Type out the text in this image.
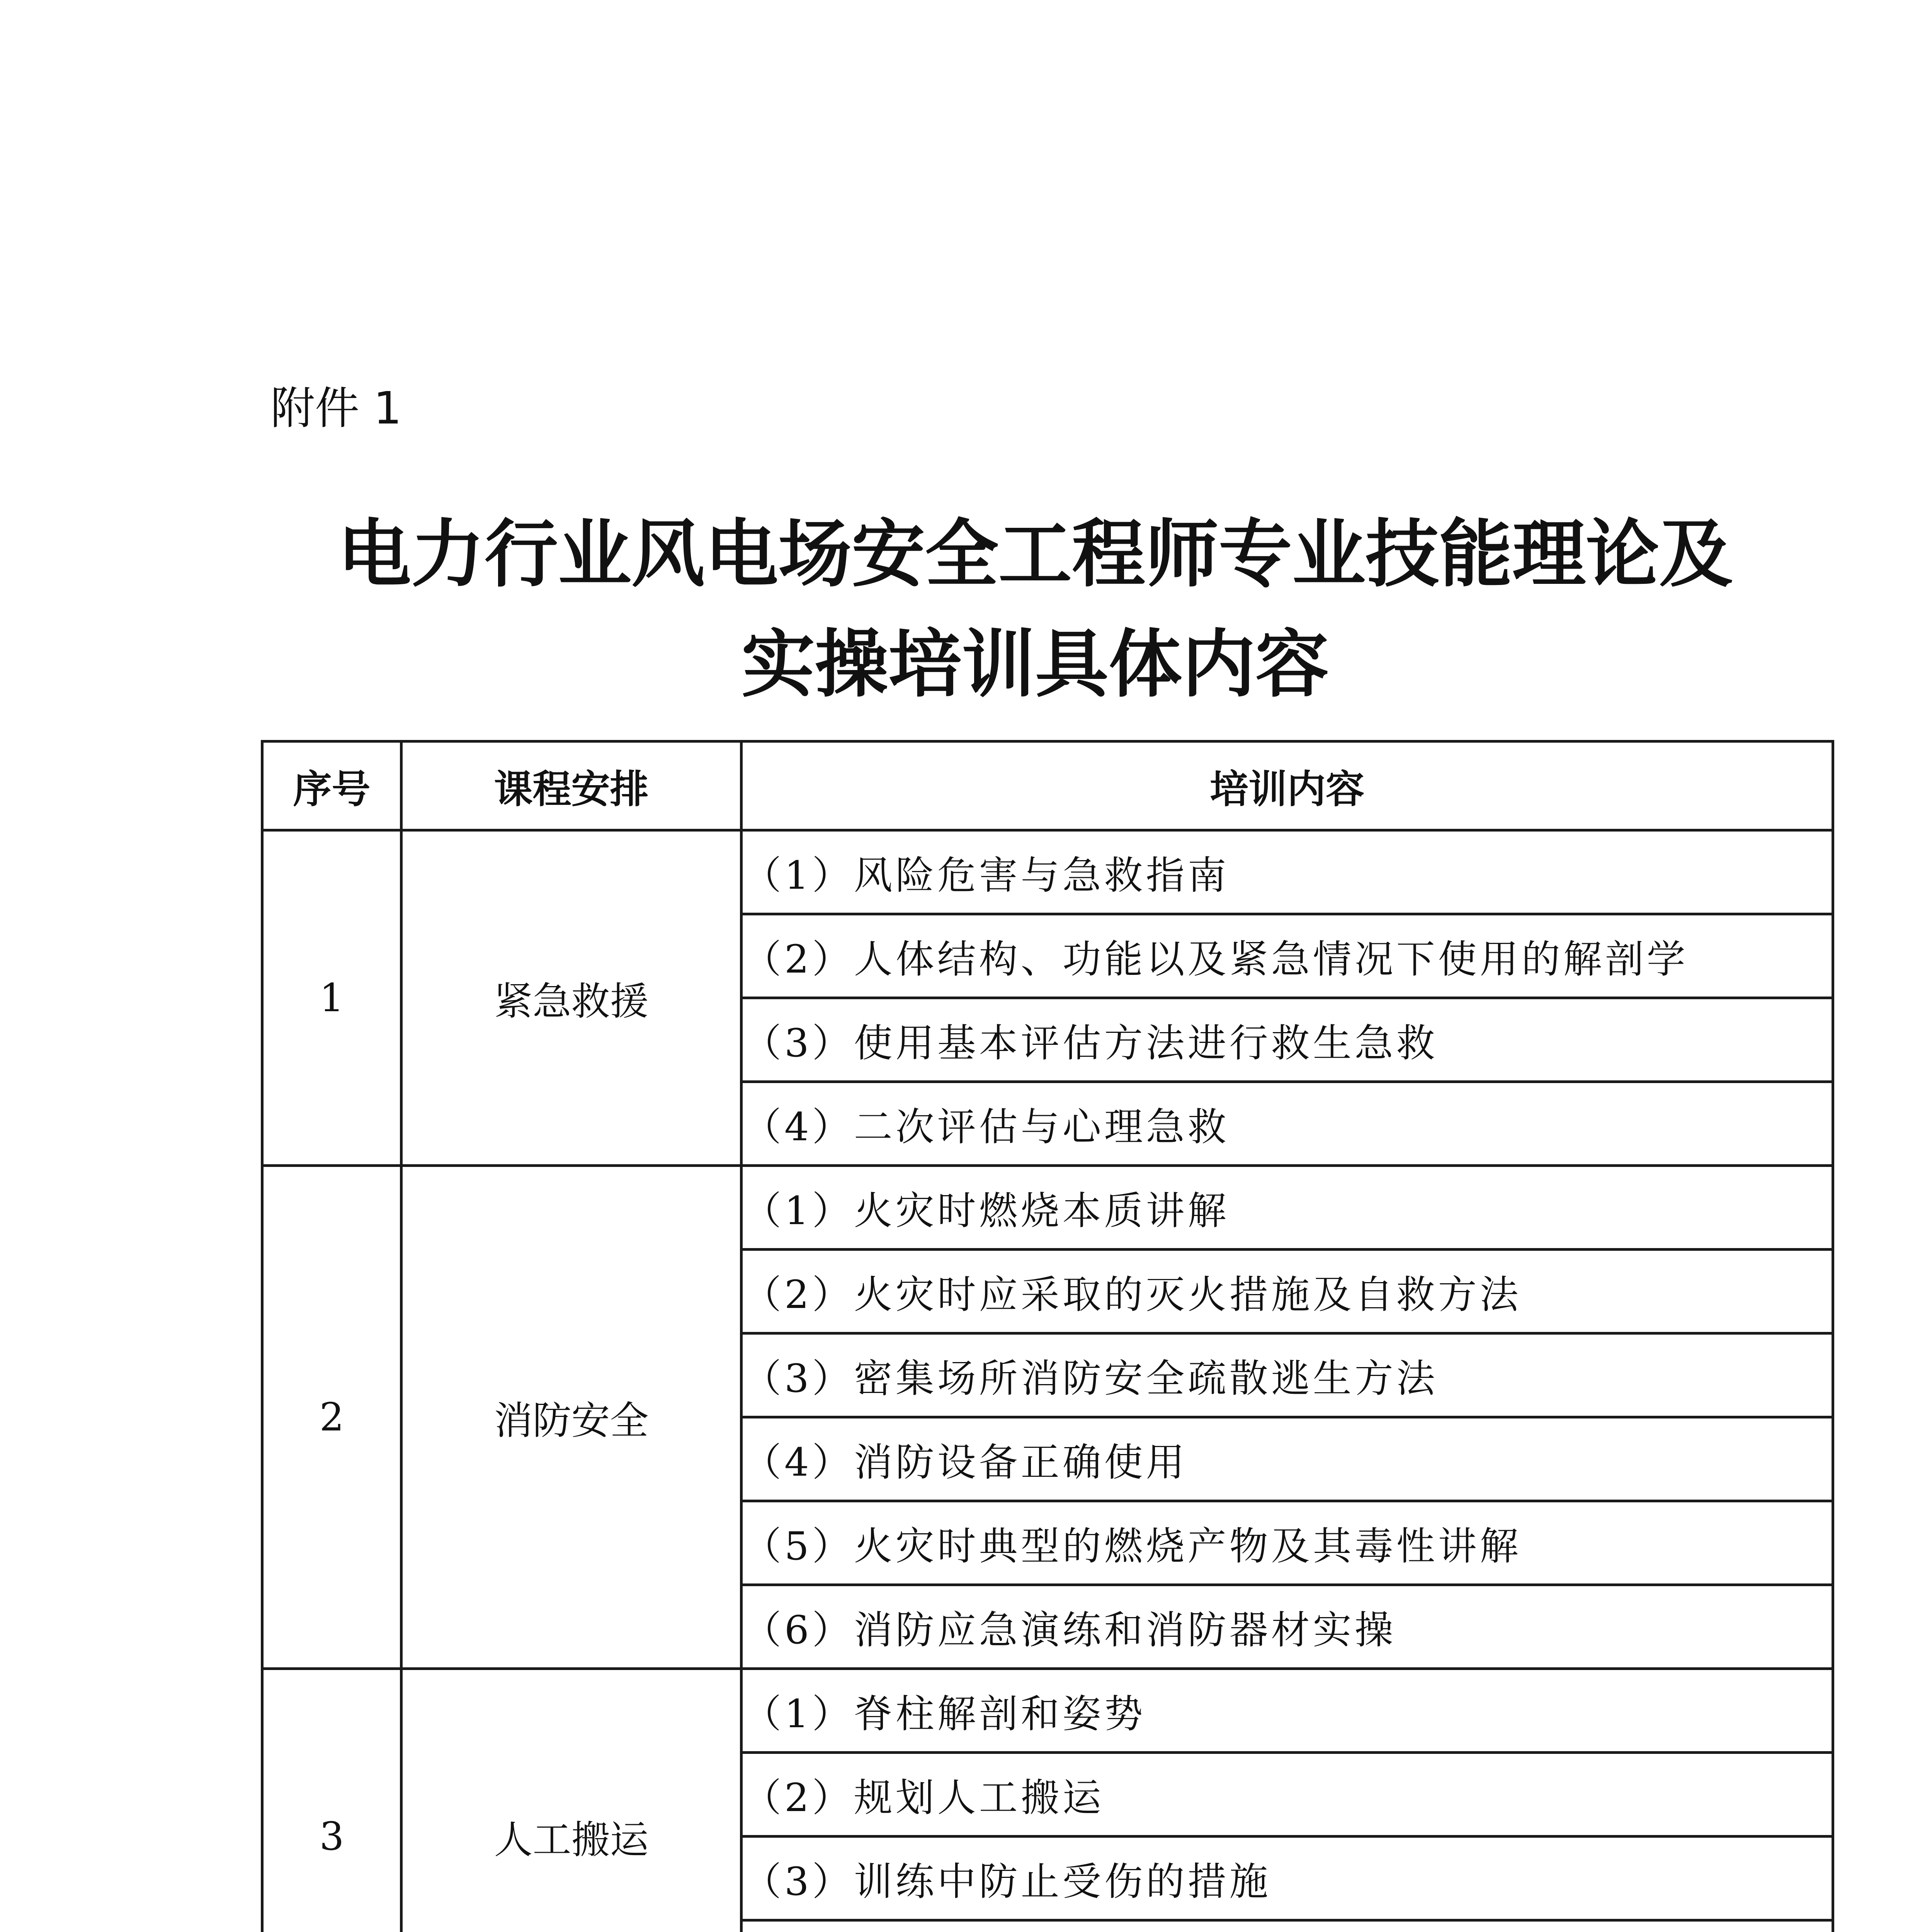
附件 1
电力行业风电场安全工程师专业技能理论及
实操培训具体内容
序号	课程安排	培训内容
1	紧急救援	（1）风险危害与急救指南
		（2）人体结构、功能以及紧急情况下使用的解剖学
		（3）使用基本评估方法进行救生急救
		（4）二次评估与心理急救
2	消防安全	（1）火灾时燃烧本质讲解
		（2）火灾时应采取的灭火措施及自救方法
		（3）密集场所消防安全疏散逃生方法
		（4）消防设备正确使用
		（5）火灾时典型的燃烧产物及其毒性讲解
		（6）消防应急演练和消防器材实操
3	人工搬运	（1）脊柱解剖和姿势
		（2）规划人工搬运
		（3）训练中防止受伤的措施
